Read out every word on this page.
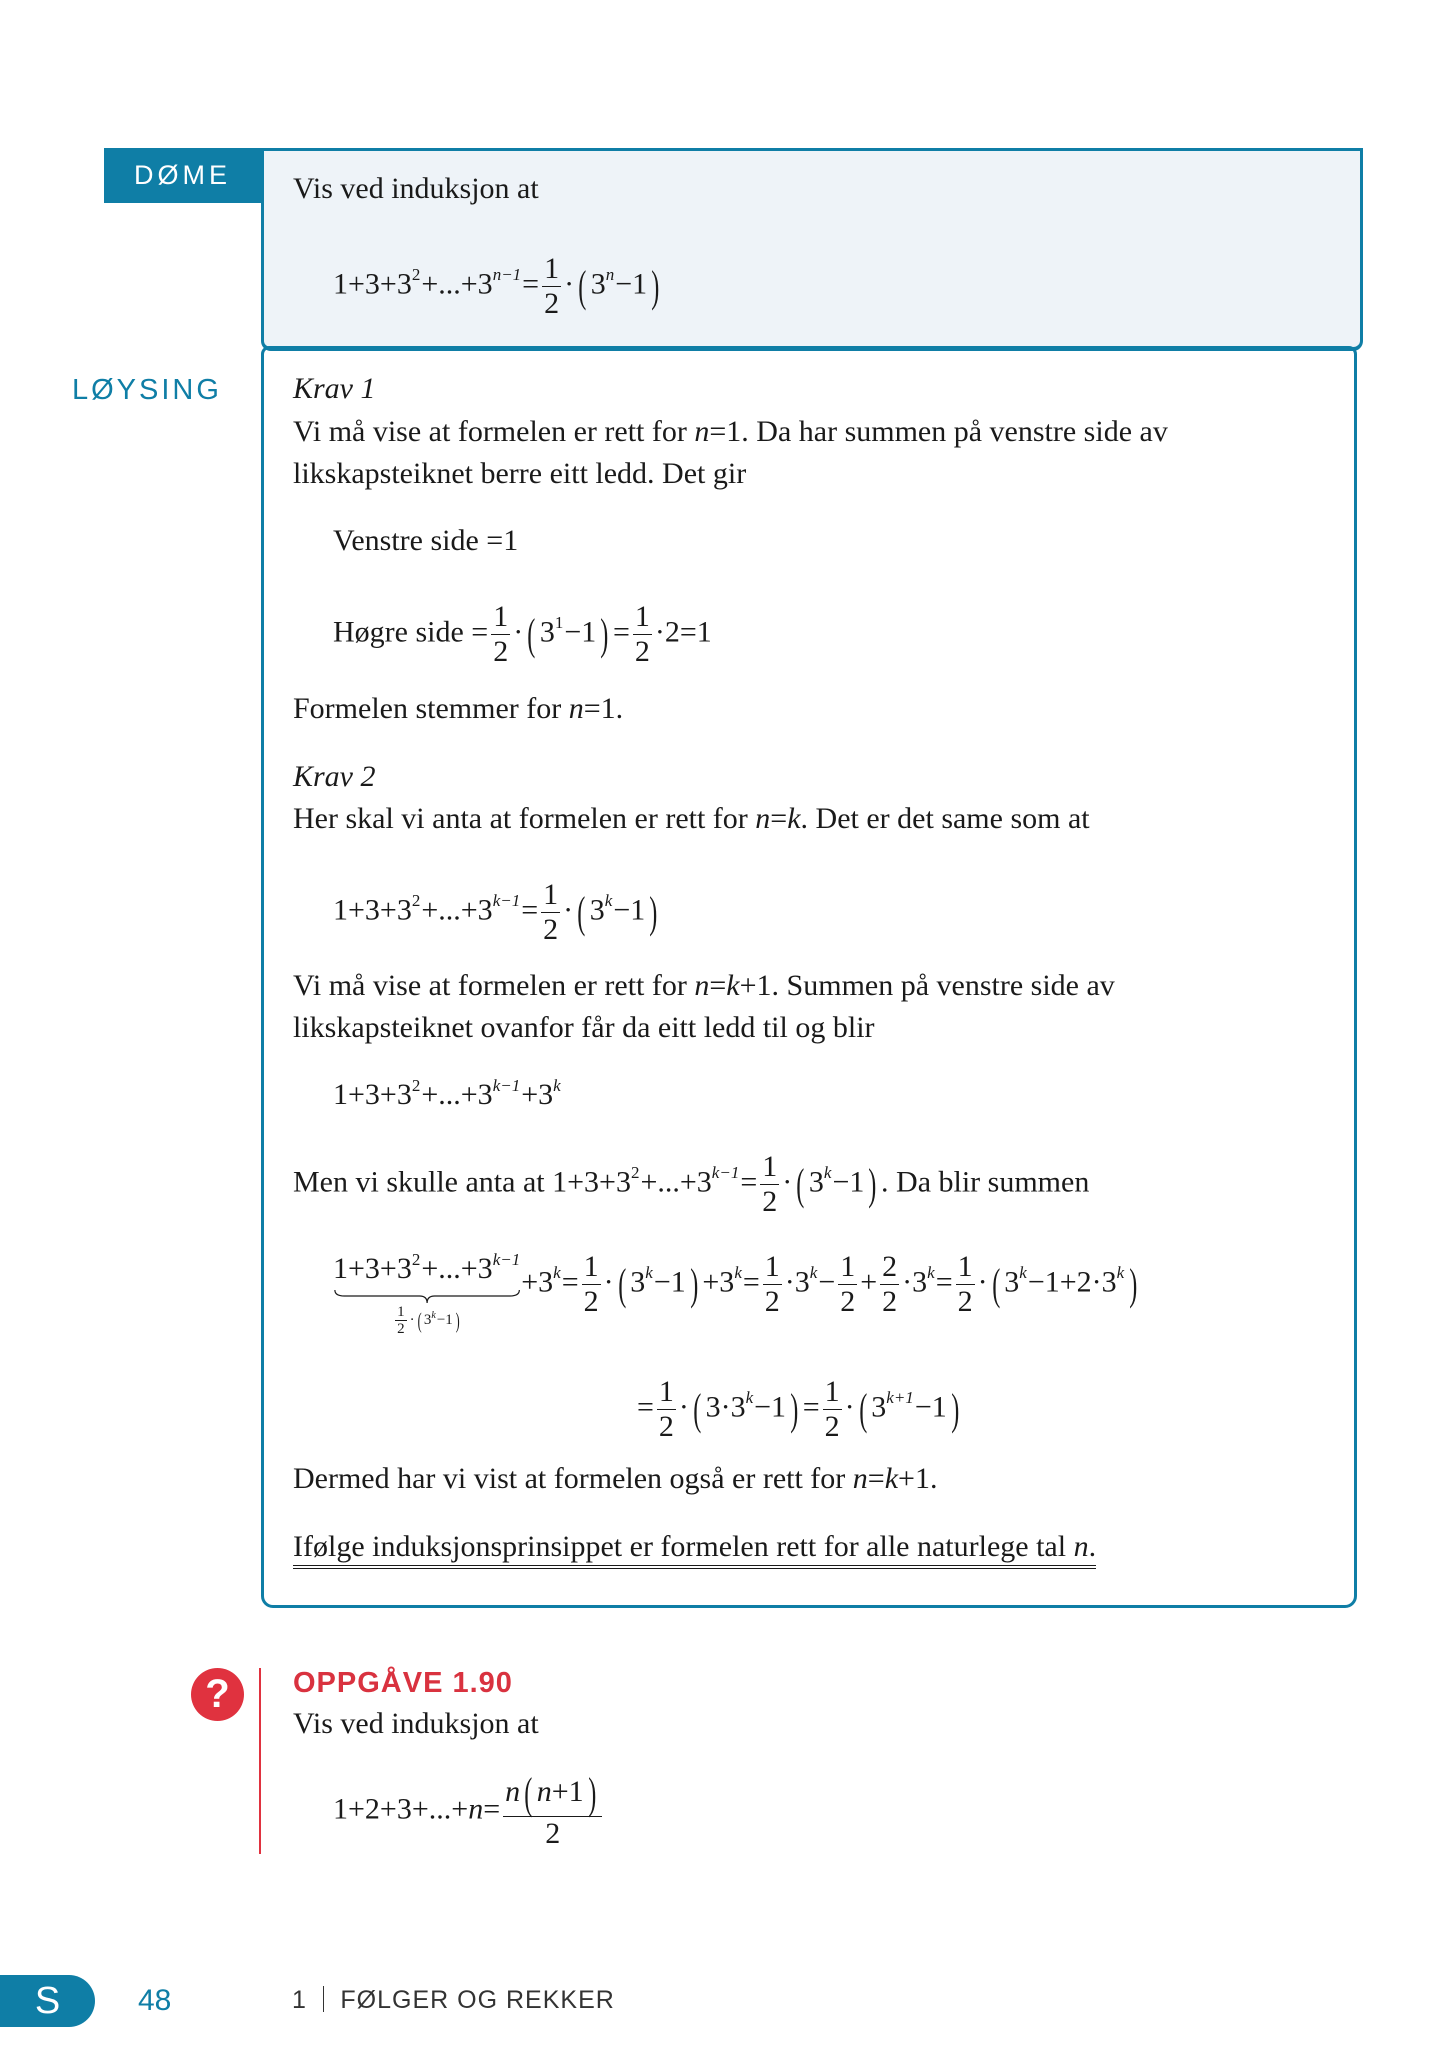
DØME	Vis ved induksjon at
$1+3+3^2+...+3^{n-1}= \frac{1}{2}$ ·( $3^n-1$)
LØYSING Krav 1
Vi må vise at formelen er rett for n=1. Da har summen på venstre side av
likskapsteiknet berre eitt ledd. Det gir
Venstre side =1
Høgre side = $\frac{1}{2}$ ·( $3^1-1) = \frac{1}{2} \cdot 2=1$
Formelen stemmer for n=1.
Krav 2
Her skal vi anta at formelen er rett for n=k. Det er det same som at
$1+3+3^2+...+3^{k-1}= \frac{1}{2}$ ·( $3^k-1$)
Vi må vise at formelen er rett for n=k+1. Summen på venstre side av
likskapsteiknet ovanfor får da eitt ledd til og blir
$1+3+3^2+...+3^{k-1}+3^k$
Men vi skulle anta at $1+3+3^2+...+3^{k-1}= \frac{1}{2}$ ·( $3^k-1$) . Da blir summen
$1+3+3^2+...+3^{k-1}$
$\frac{1}{2}$ · ( $3^k-1$ )
$+3^k= \frac{1}{2}$ ·( $3^k-1) +3^k= \frac{1}{2} \cdot 3^k- \frac{1}{2} + \frac{2}{2} \cdot 3^k= \frac{1}{2}$ ·( $3^k-1+2\cdot 3^k$ )
= $\frac{1}{2}$ ·( $3\cdot 3^k-1) = \frac{1}{2}$ ·( $3^{k+1}-1$)
Dermed har vi vist at formelen også er rett for n=k+1.
Ifølge induksjonsprinsippet er formelen rett for alle naturlege tal n.
?	OPPGÅVE 1.90
Vis ved induksjon at
$1+2+3+...+n= \frac{n( n+1)}{2}$
S	48	1 FØLGER OG REKKER
